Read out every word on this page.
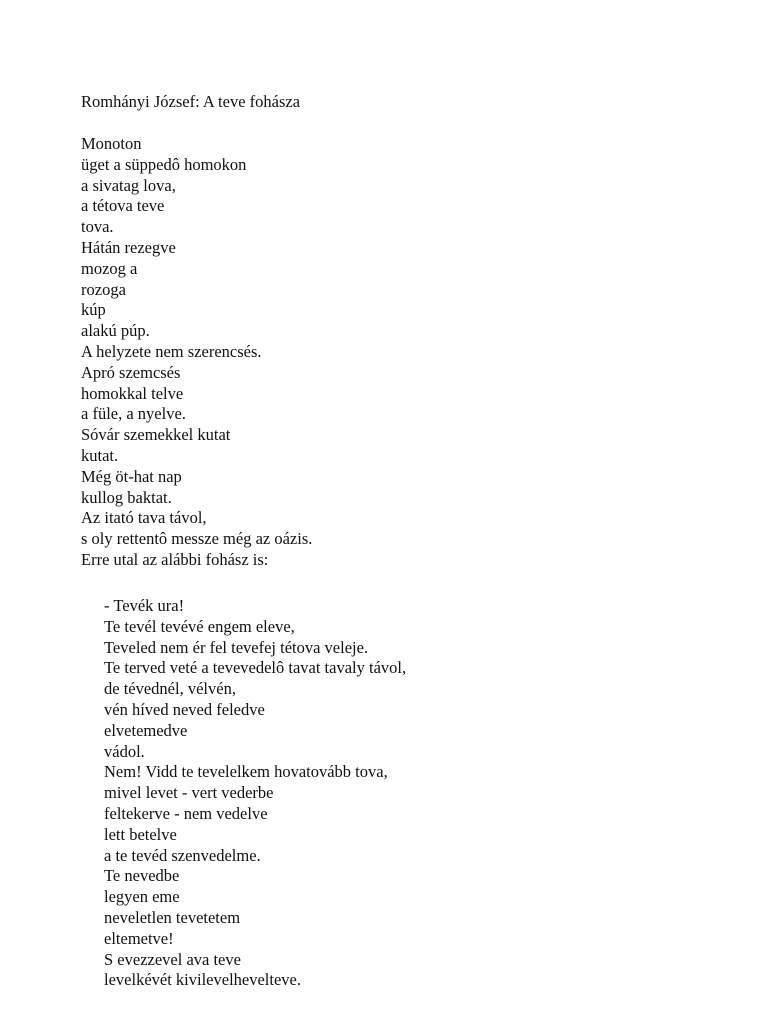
Romhányi József: A teve fohásza
Monoton
üget a süppedô homokon
a sivatag lova,
a tétova teve
tova.
Hátán rezegve
mozog a
rozoga
kúp
alakú púp.
A helyzete nem szerencsés.
Apró szemcsés
homokkal telve
a füle, a nyelve.
Sóvár szemekkel kutat
kutat.
Még öt-hat nap
kullog baktat.
Az itató tava távol,
s oly rettentô messze még az oázis.
Erre utal az alábbi fohász is:
- Tevék ura!
Te tevél tevévé engem eleve,
Teveled nem ér fel tevefej tétova veleje.
Te terved veté a tevevedelô tavat tavaly távol,
de tévednél, vélvén,
vén híved neved feledve
elvetemedve
vádol.
Nem! Vidd te tevelelkem hovatovább tova,
mivel levet - vert vederbe
feltekerve - nem vedelve
lett betelve
a te tevéd szenvedelme.
Te nevedbe
legyen eme
neveletlen tevetetem
eltemetve!
S evezzevel ava teve
levelkévét kivilevelhevelteve.
